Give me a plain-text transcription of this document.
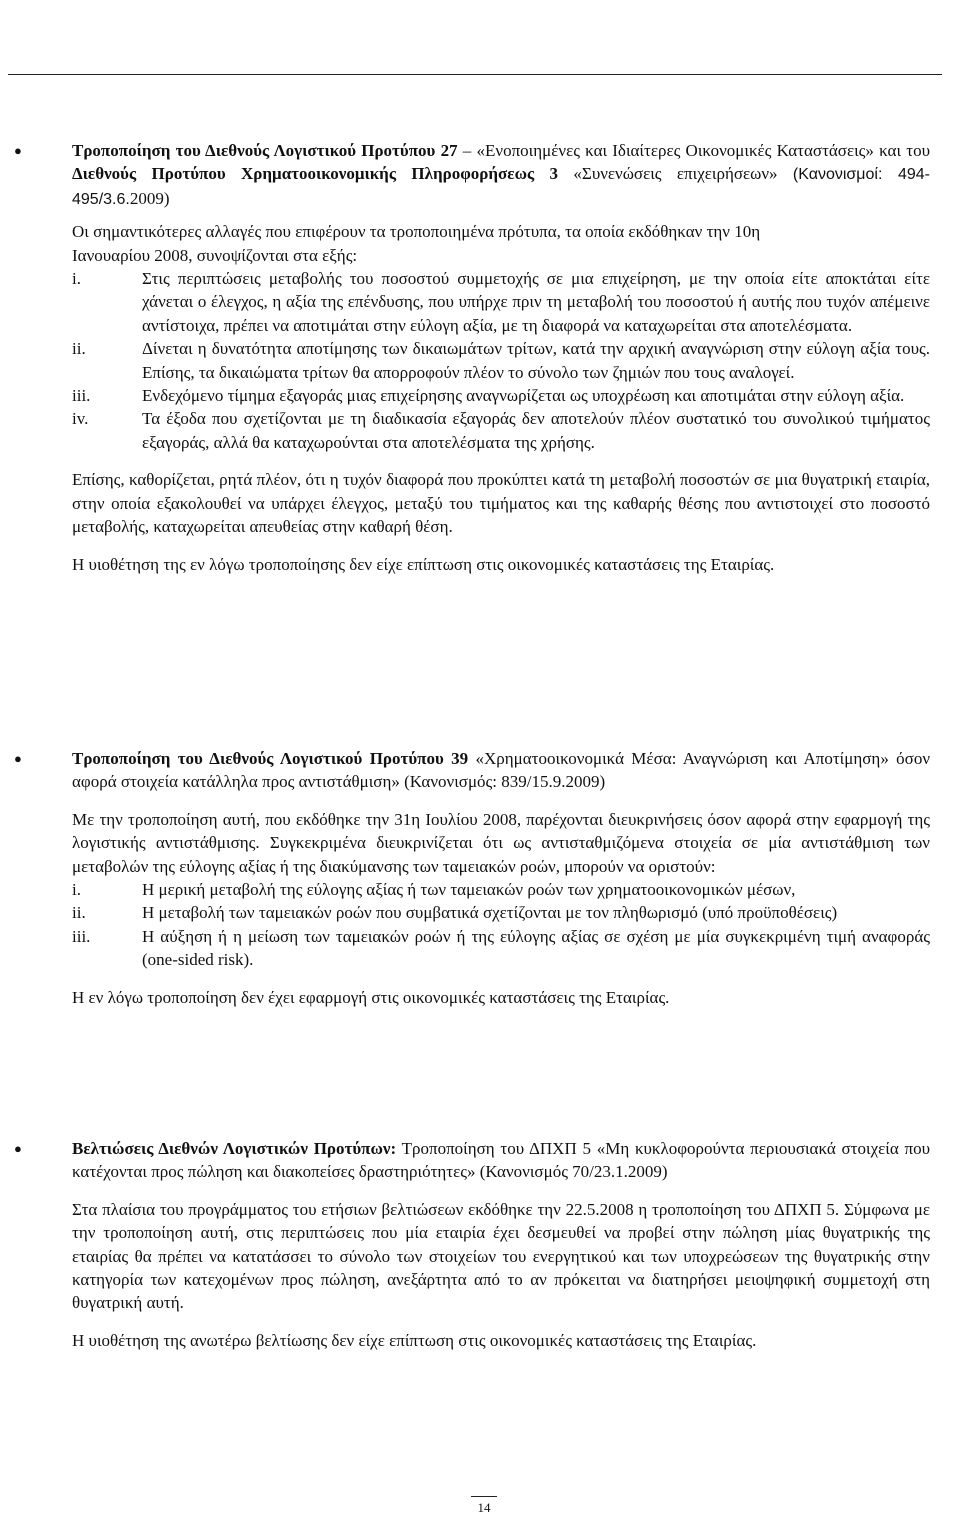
ΑΚΑΡΠΟΡΤ Α.Ε.
ΟΙΚΟΝΟΜΙΚΕΣ ΚΑΤΑΣΤΑΣΕΙΣ
ΤΗΣ $31^{H\Sigma}$ ΔΕΚΕΜΒΡΙΟΥ 2010
●	Τροποποίηση του Διεθνούς Λογιστικού Προτύπου 27 – «Ενοποιημένες και Ιδιαίτερες Οικονομικές Καταστάσεις» και του Διεθνούς Προτύπου Χρηματοοικονομικής Πληροφορήσεως 3 «Συνενώσεις επιχειρήσεων» (Κανονισμοί: 494-495/3.6.2009)

Οι σημαντικότερες αλλαγές που επιφέρουν τα τροποποιημένα πρότυπα, τα οποία εκδόθηκαν την 10η
Ιανουαρίου 2008, συνοψίζονται στα εξής:

i.	Στις περιπτώσεις μεταβολής του ποσοστού συμμετοχής σε μια επιχείρηση, με την οποία είτε αποκτάται είτε χάνεται ο έλεγχος, η αξία της επένδυσης, που υπήρχε πριν τη μεταβολή του ποσοστού ή αυτής που τυχόν απέμεινε αντίστοιχα, πρέπει να αποτιμάται στην εύλογη αξία, με τη διαφορά να καταχωρείται στα αποτελέσματα.
ii.	Δίνεται η δυνατότητα αποτίμησης των δικαιωμάτων τρίτων, κατά την αρχική αναγνώριση στην εύλογη αξία τους. Επίσης, τα δικαιώματα τρίτων θα απορροφούν πλέον το σύνολο των ζημιών που τους αναλογεί.
iii.	Ενδεχόμενο τίμημα εξαγοράς μιας επιχείρησης αναγνωρίζεται ως υποχρέωση και αποτιμάται στην εύλογη αξία.
iv.	Τα έξοδα που σχετίζονται με τη διαδικασία εξαγοράς δεν αποτελούν πλέον συστατικό του συνολικού τιμήματος εξαγοράς, αλλά θα καταχωρούνται στα αποτελέσματα της χρήσης.

Επίσης, καθορίζεται, ρητά πλέον, ότι η τυχόν διαφορά που προκύπτει κατά τη μεταβολή ποσοστών σε μια θυγατρική εταιρία, στην οποία εξακολουθεί να υπάρχει έλεγχος, μεταξύ του τιμήματος και της καθαρής θέσης που αντιστοιχεί στο ποσοστό μεταβολής, καταχωρείται απευθείας στην καθαρή θέση.

Η υιοθέτηση της εν λόγω τροποποίησης δεν είχε επίπτωση στις οικονομικές καταστάσεις της Εταιρίας.

●	Τροποποίηση του Διεθνούς Λογιστικού Προτύπου 39 «Χρηματοοικονομικά Μέσα: Αναγνώριση και Αποτίμηση» όσον αφορά στοιχεία κατάλληλα προς αντιστάθμιση» (Κανονισμός: 839/15.9.2009)

Με την τροποποίηση αυτή, που εκδόθηκε την 31η Ιουλίου 2008, παρέχονται διευκρινήσεις όσον αφορά στην εφαρμογή της λογιστικής αντιστάθμισης. Συγκεκριμένα διευκρινίζεται ότι ως αντισταθμιζόμενα στοιχεία σε μία αντιστάθμιση των μεταβολών της εύλογης αξίας ή της διακύμανσης των ταμειακών ροών, μπορούν να οριστούν:

i.	Η μερική μεταβολή της εύλογης αξίας ή των ταμειακών ροών των χρηματοοικονομικών μέσων,
ii.	Η μεταβολή των ταμειακών ροών που συμβατικά σχετίζονται με τον πληθωρισμό (υπό προϋποθέσεις)
iii.	Η αύξηση ή η μείωση των ταμειακών ροών ή της εύλογης αξίας σε σχέση με μία συγκεκριμένη τιμή αναφοράς (one-sided risk).

Η εν λόγω τροποποίηση δεν έχει εφαρμογή στις οικονομικές καταστάσεις της Εταιρίας.

●	Βελτιώσεις Διεθνών Λογιστικών Προτύπων: Τροποποίηση του ΔΠΧΠ 5 «Μη κυκλοφορούντα περιουσιακά στοιχεία που κατέχονται προς πώληση και διακοπείσες δραστηριότητες» (Κανονισμός 70/23.1.2009)

Στα πλαίσια του προγράμματος του ετήσιων βελτιώσεων εκδόθηκε την 22.5.2008 η τροποποίηση του ΔΠΧΠ 5. Σύμφωνα με την τροποποίηση αυτή, στις περιπτώσεις που μία εταιρία έχει δεσμευθεί να προβεί στην πώληση μίας θυγατρικής της εταιρίας θα πρέπει να κατατάσσει το σύνολο των στοιχείων του ενεργητικού και των υποχρεώσεων της θυγατρικής στην κατηγορία των κατεχομένων προς πώληση, ανεξάρτητα από το αν πρόκειται να διατηρήσει μειοψηφική συμμετοχή στη θυγατρική αυτή.

Η υιοθέτηση της ανωτέρω βελτίωσης δεν είχε επίπτωση στις οικονομικές καταστάσεις της Εταιρίας.

14
